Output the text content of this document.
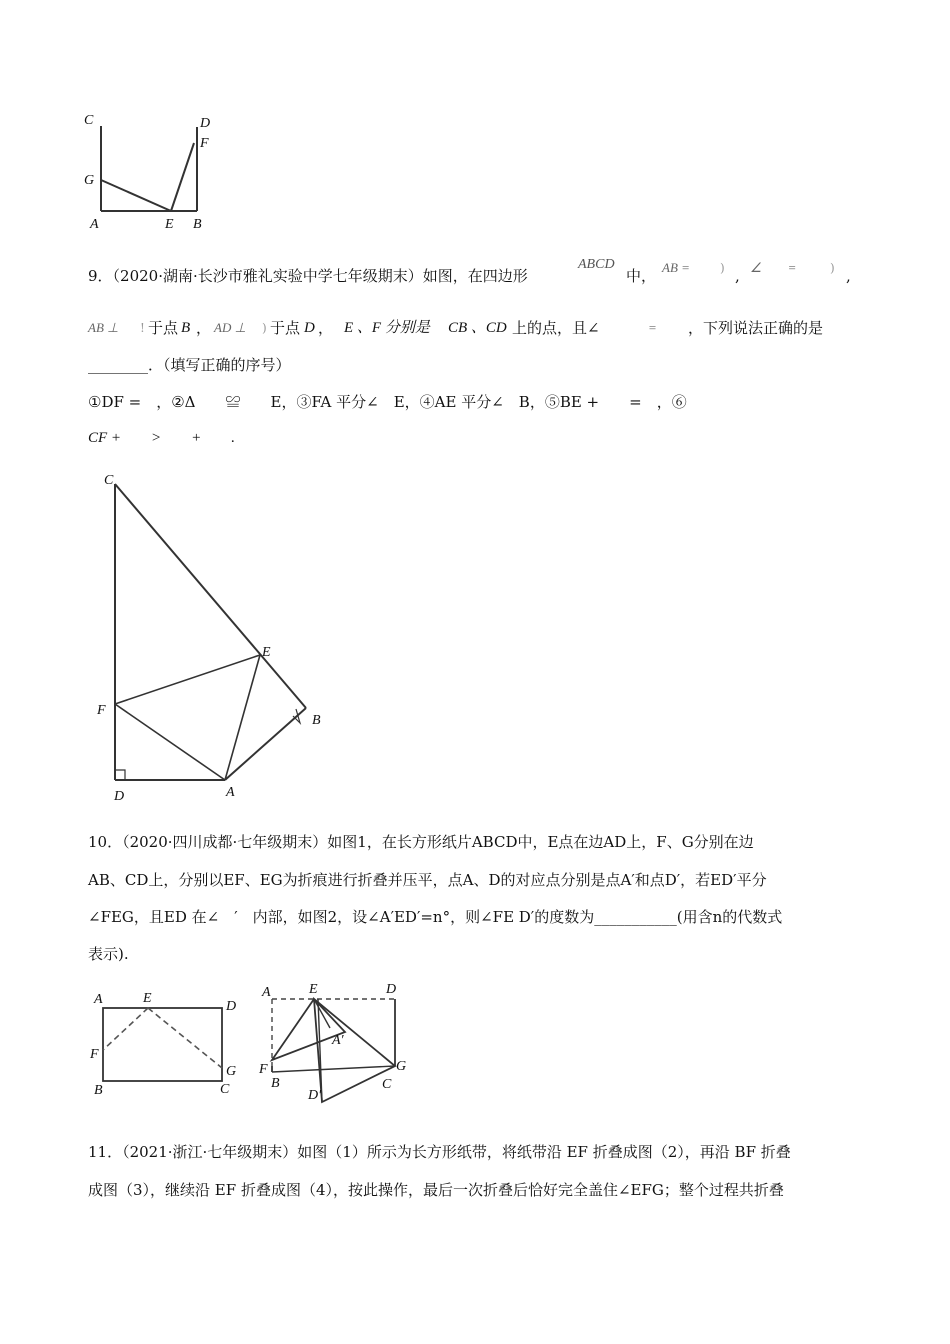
C	D
F
G
A	E B
9．（2020·湖南·长沙市雅礼实验中学七年级期末）如图，在四边形
ABCD
中， AB =	) , ∠　　=	) ,
AB ⊥ ! 于点 B ， AD ⊥ ) 于点 D ， E 、F 分别是 CB 、CD 上的点，且∠	= ，下列说法正确的是
________．（填写正确的序号）
①DF =　，②Δ　　≌　　E，③FA 平分∠　E，④AE 平分∠　B，⑤BE +　　=　，⑥
CF +　　>　　+　　.
C
E
F
B
D	A
10．（2020·四川成都·七年级期末）如图1，在长方形纸片ABCD中，E点在边AD上，F、G分别在边
AB、CD上，分别以EF、EG为折痕进行折叠并压平，点A、D的对应点分别是点A′和点D′，若ED′平分
∠FEG，且ED 在∠　′　内部，如图2，设∠A′ED′=n°，则∠FE D′的度数为___________(用含n的代数式
表示).
A	E
D
F
B	C
G
A	E	D
A′
F
B
G
C
D′
11．（2021·浙江·七年级期末）如图（1）所示为长方形纸带，将纸带沿 EF 折叠成图（2），再沿 BF 折叠
成图（3），继续沿 EF 折叠成图（4），按此操作，最后一次折叠后恰好完全盖住∠EFG；整个过程共折叠
